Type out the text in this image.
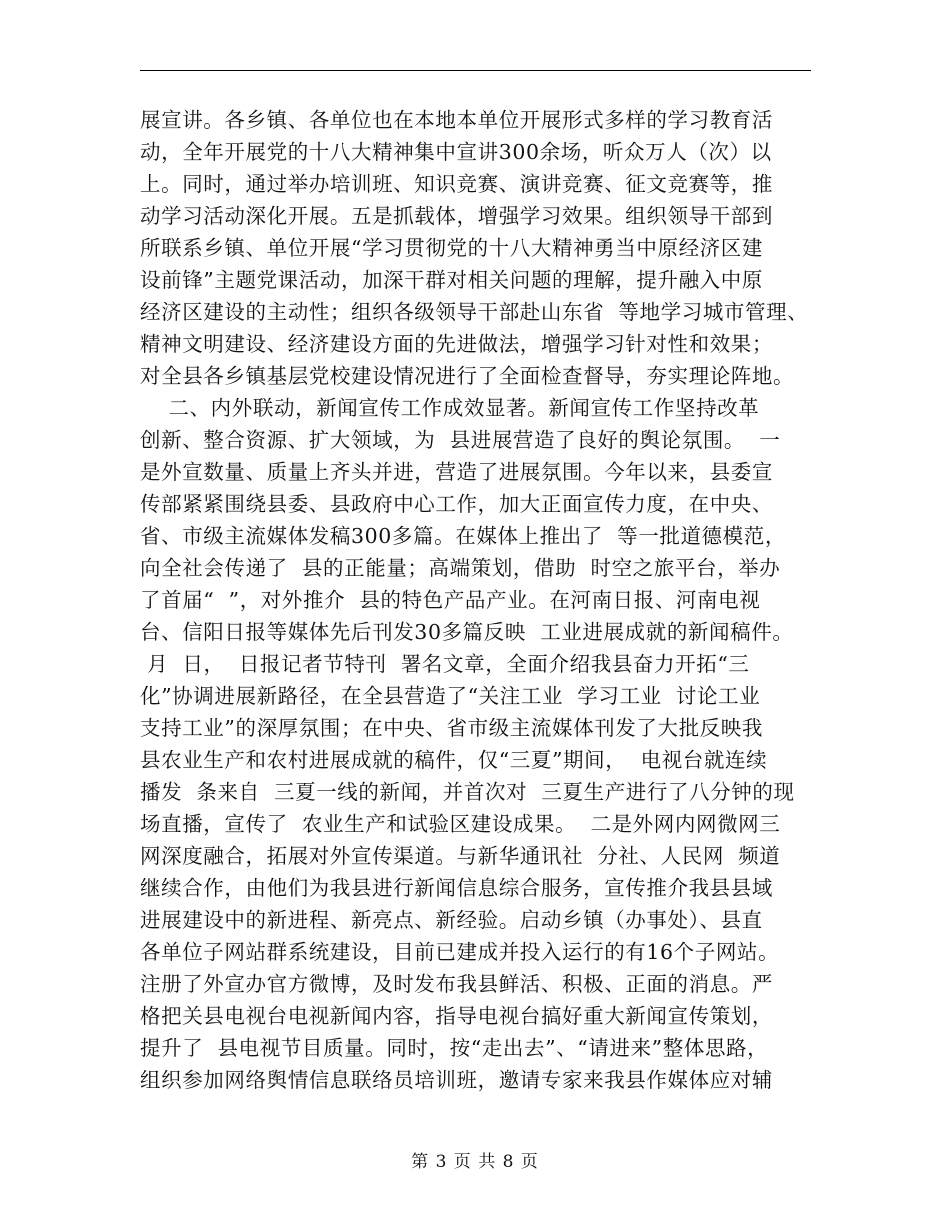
展宣讲。各乡镇、各单位也在本地本单位开展形式多样的学习教育活
动，全年开展党的十八大精神集中宣讲300余场，听众万人（次）以
上。同时，通过举办培训班、知识竞赛、演讲竞赛、征文竞赛等，推
动学习活动深化开展。五是抓载体，增强学习效果。组织领导干部到
所联系乡镇、单位开展“学习贯彻党的十八大精神勇当中原经济区建
设前锋”主题党课活动，加深干群对相关问题的理解，提升融入中原
经济区建设的主动性；组织各级领导干部赴山东省  等地学习城市管理、
精神文明建设、经济建设方面的先进做法，增强学习针对性和效果；
对全县各乡镇基层党校建设情况进行了全面检查督导，夯实理论阵地。
二、内外联动，新闻宣传工作成效显著。新闻宣传工作坚持改革
创新、整合资源、扩大领域，为  县进展营造了良好的舆论氛围。  一
是外宣数量、质量上齐头并进，营造了进展氛围。今年以来，县委宣
传部紧紧围绕县委、县政府中心工作，加大正面宣传力度，在中央、
省、市级主流媒体发稿300多篇。在媒体上推出了  等一批道德模范，
向全社会传递了  县的正能量；高端策划，借助  时空之旅平台，举办
了首届“  ”，对外推介  县的特色产品产业。在河南日报、河南电视
台、信阳日报等媒体先后刊发30多篇反映  工业进展成就的新闻稿件。
月  日，  日报记者节特刊  署名文章，全面介绍我县奋力开拓“三
化”协调进展新路径，在全县营造了“关注工业  学习工业  讨论工业
支持工业”的深厚氛围；在中央、省市级主流媒体刊发了大批反映我
县农业生产和农村进展成就的稿件，仅“三夏”期间，  电视台就连续
播发  条来自  三夏一线的新闻，并首次对  三夏生产进行了八分钟的现
场直播，宣传了  农业生产和试验区建设成果。  二是外网内网微网三
网深度融合，拓展对外宣传渠道。与新华通讯社  分社、人民网  频道
继续合作，由他们为我县进行新闻信息综合服务，宣传推介我县县域
进展建设中的新进程、新亮点、新经验。启动乡镇（办事处）、县直
各单位子网站群系统建设，目前已建成并投入运行的有16个子网站。
注册了外宣办官方微博，及时发布我县鲜活、积极、正面的消息。严
格把关县电视台电视新闻内容，指导电视台搞好重大新闻宣传策划，
提升了  县电视节目质量。同时，按“走出去”、“请进来”整体思路，
组织参加网络舆情信息联络员培训班，邀请专家来我县作媒体应对辅
第 3 页 共 8 页
